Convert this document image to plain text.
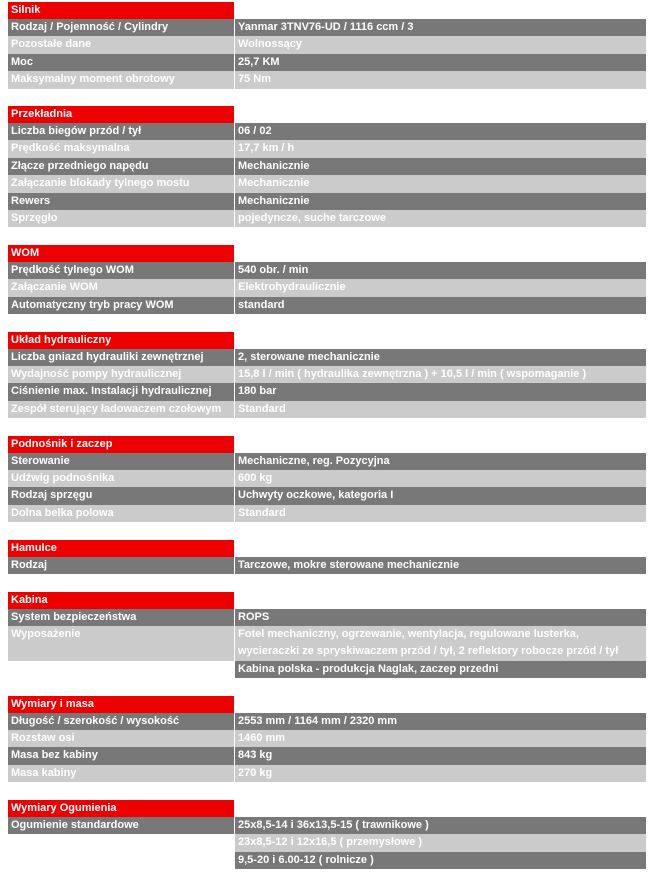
Silnik
Rodzaj / Pojemność / Cylindry	Yanmar 3TNV76-UD / 1116 ccm / 3
Pozostałe dane	Wolnossący
Moc	25,7 KM
Maksymalny moment obrotowy	75 Nm
Przekładnia
Liczba biegów przód / tył	06 / 02
Prędkość maksymalna	17,7 km / h
Złącze przedniego napędu	Mechanicznie
Załączanie blokady tylnego mostu	Mechanicznie
Rewers	Mechanicznie
Sprzęgło	pojedyncze, suche tarczowe
WOM
Prędkość tylnego WOM	540 obr. / min
Załączanie WOM	Elektrohydraulicznie
Automatyczny tryb pracy WOM	standard
Układ hydrauliczny
Liczba gniazd hydrauliki zewnętrznej	2, sterowane mechanicznie
Wydajność pompy hydraulicznej	15,8 l / min ( hydraulika zewnętrzna ) + 10,5 l / min ( wspomaganie )
Ciśnienie max. Instalacji hydraulicznej	180 bar
Zespół sterujący ładowaczem czołowym	Standard
Podnośnik i zaczep
Sterowanie	Mechaniczne, reg. Pozycyjna
Udźwig podnośnika	600 kg
Rodzaj sprzęgu	Uchwyty oczkowe, kategoria I
Dolna belka polowa	Standard
Hamulce
Rodzaj	Tarczowe, mokre sterowane mechanicznie
Kabina
System bezpieczeństwa	ROPS
Wyposażenie	Fotel mechaniczny, ogrzewanie, wentylacja, regulowane lusterka,
wycieraczki ze spryskiwaczem przód / tył, 2 reflektory robocze przód / tył
Kabina polska - produkcja Naglak, zaczep przedni
Wymiary i masa
Długość / szerokość / wysokość	2553 mm / 1164 mm / 2320 mm
Rozstaw osi	1460 mm
Masa bez kabiny	843 kg
Masa kabiny	270 kg
Wymiary Ogumienia
Ogumienie standardowe	25x8,5-14 i 36x13,5-15 ( trawnikowe )
23x8,5-12 i 12x16,5 ( przemysłowe )
9,5-20 i 6.00-12 ( rolnicze )
